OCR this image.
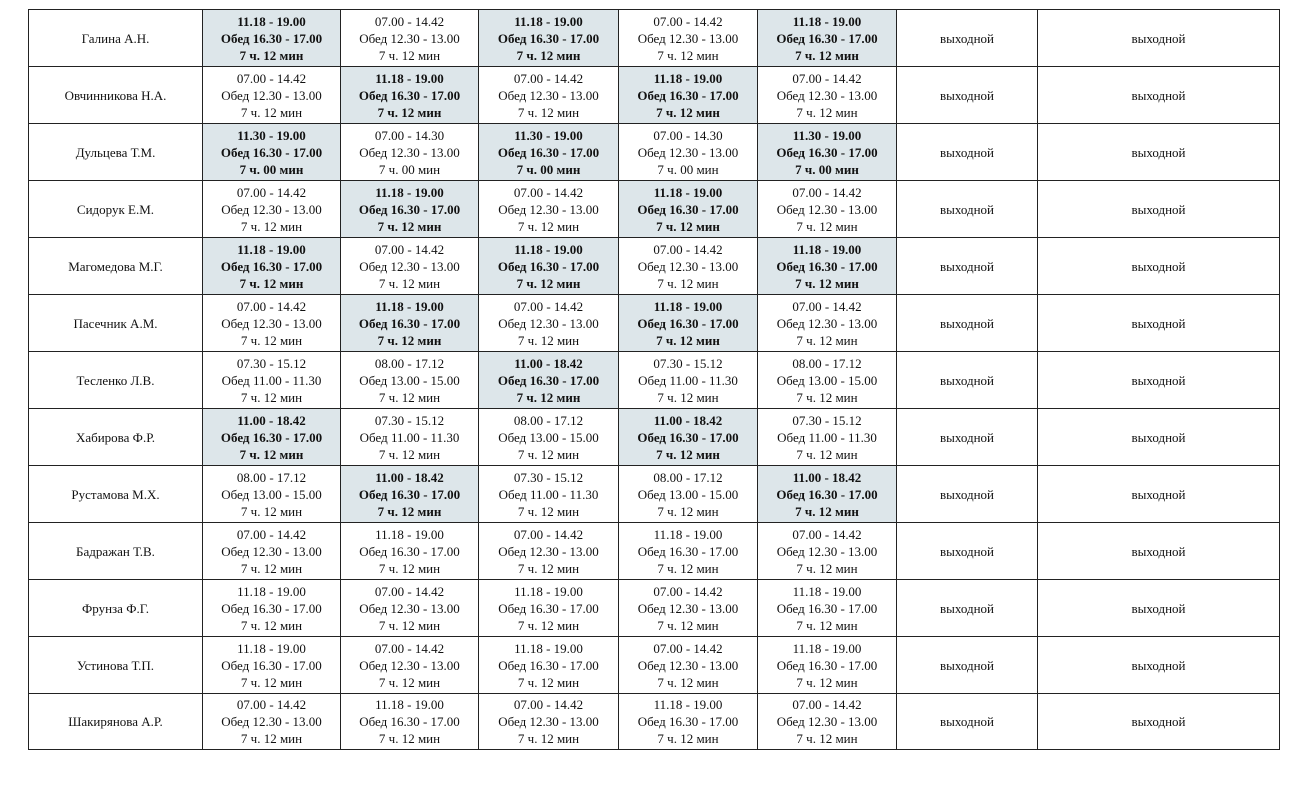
Галина А.Н.	11.18 - 19.00
Обед 16.30 - 17.00
7 ч. 12 мин	07.00 - 14.42
Обед 12.30 - 13.00
7 ч. 12 мин	11.18 - 19.00
Обед 16.30 - 17.00
7 ч. 12 мин	07.00 - 14.42
Обед 12.30 - 13.00
7 ч. 12 мин	11.18 - 19.00
Обед 16.30 - 17.00
7 ч. 12 мин	выходной	выходной
Овчинникова Н.А.	07.00 - 14.42
Обед 12.30 - 13.00
7 ч. 12 мин	11.18 - 19.00
Обед 16.30 - 17.00
7 ч. 12 мин	07.00 - 14.42
Обед 12.30 - 13.00
7 ч. 12 мин	11.18 - 19.00
Обед 16.30 - 17.00
7 ч. 12 мин	07.00 - 14.42
Обед 12.30 - 13.00
7 ч. 12 мин	выходной	выходной
Дульцева Т.М.	11.30 - 19.00
Обед 16.30 - 17.00
7 ч. 00 мин	07.00 - 14.30
Обед 12.30 - 13.00
7 ч. 00 мин	11.30 - 19.00
Обед 16.30 - 17.00
7 ч. 00 мин	07.00 - 14.30
Обед 12.30 - 13.00
7 ч. 00 мин	11.30 - 19.00
Обед 16.30 - 17.00
7 ч. 00 мин	выходной	выходной
Сидорук Е.М.	07.00 - 14.42
Обед 12.30 - 13.00
7 ч. 12 мин	11.18 - 19.00
Обед 16.30 - 17.00
7 ч. 12 мин	07.00 - 14.42
Обед 12.30 - 13.00
7 ч. 12 мин	11.18 - 19.00
Обед 16.30 - 17.00
7 ч. 12 мин	07.00 - 14.42
Обед 12.30 - 13.00
7 ч. 12 мин	выходной	выходной
Магомедова М.Г.	11.18 - 19.00
Обед 16.30 - 17.00
7 ч. 12 мин	07.00 - 14.42
Обед 12.30 - 13.00
7 ч. 12 мин	11.18 - 19.00
Обед 16.30 - 17.00
7 ч. 12 мин	07.00 - 14.42
Обед 12.30 - 13.00
7 ч. 12 мин	11.18 - 19.00
Обед 16.30 - 17.00
7 ч. 12 мин	выходной	выходной
Пасечник А.М.	07.00 - 14.42
Обед 12.30 - 13.00
7 ч. 12 мин	11.18 - 19.00
Обед 16.30 - 17.00
7 ч. 12 мин	07.00 - 14.42
Обед 12.30 - 13.00
7 ч. 12 мин	11.18 - 19.00
Обед 16.30 - 17.00
7 ч. 12 мин	07.00 - 14.42
Обед 12.30 - 13.00
7 ч. 12 мин	выходной	выходной
Тесленко Л.В.	07.30 - 15.12
Обед 11.00 - 11.30
7 ч. 12 мин	08.00 - 17.12
Обед 13.00 - 15.00
7 ч. 12 мин	11.00 - 18.42
Обед 16.30 - 17.00
7 ч. 12 мин	07.30 - 15.12
Обед 11.00 - 11.30
7 ч. 12 мин	08.00 - 17.12
Обед 13.00 - 15.00
7 ч. 12 мин	выходной	выходной
Хабирова Ф.Р.	11.00 - 18.42
Обед 16.30 - 17.00
7 ч. 12 мин	07.30 - 15.12
Обед 11.00 - 11.30
7 ч. 12 мин	08.00 - 17.12
Обед 13.00 - 15.00
7 ч. 12 мин	11.00 - 18.42
Обед 16.30 - 17.00
7 ч. 12 мин	07.30 - 15.12
Обед 11.00 - 11.30
7 ч. 12 мин	выходной	выходной
Рустамова М.Х.	08.00 - 17.12
Обед 13.00 - 15.00
7 ч. 12 мин	11.00 - 18.42
Обед 16.30 - 17.00
7 ч. 12 мин	07.30 - 15.12
Обед 11.00 - 11.30
7 ч. 12 мин	08.00 - 17.12
Обед 13.00 - 15.00
7 ч. 12 мин	11.00 - 18.42
Обед 16.30 - 17.00
7 ч. 12 мин	выходной	выходной
Бадражан Т.В.	07.00 - 14.42
Обед 12.30 - 13.00
7 ч. 12 мин	11.18 - 19.00
Обед 16.30 - 17.00
7 ч. 12 мин	07.00 - 14.42
Обед 12.30 - 13.00
7 ч. 12 мин	11.18 - 19.00
Обед 16.30 - 17.00
7 ч. 12 мин	07.00 - 14.42
Обед 12.30 - 13.00
7 ч. 12 мин	выходной	выходной
Фрунза Ф.Г.	11.18 - 19.00
Обед 16.30 - 17.00
7 ч. 12 мин	07.00 - 14.42
Обед 12.30 - 13.00
7 ч. 12 мин	11.18 - 19.00
Обед 16.30 - 17.00
7 ч. 12 мин	07.00 - 14.42
Обед 12.30 - 13.00
7 ч. 12 мин	11.18 - 19.00
Обед 16.30 - 17.00
7 ч. 12 мин	выходной	выходной
Устинова Т.П.	11.18 - 19.00
Обед 16.30 - 17.00
7 ч. 12 мин	07.00 - 14.42
Обед 12.30 - 13.00
7 ч. 12 мин	11.18 - 19.00
Обед 16.30 - 17.00
7 ч. 12 мин	07.00 - 14.42
Обед 12.30 - 13.00
7 ч. 12 мин	11.18 - 19.00
Обед 16.30 - 17.00
7 ч. 12 мин	выходной	выходной
Шакирянова А.Р.	07.00 - 14.42
Обед 12.30 - 13.00
7 ч. 12 мин	11.18 - 19.00
Обед 16.30 - 17.00
7 ч. 12 мин	07.00 - 14.42
Обед 12.30 - 13.00
7 ч. 12 мин	11.18 - 19.00
Обед 16.30 - 17.00
7 ч. 12 мин	07.00 - 14.42
Обед 12.30 - 13.00
7 ч. 12 мин	выходной	выходной
